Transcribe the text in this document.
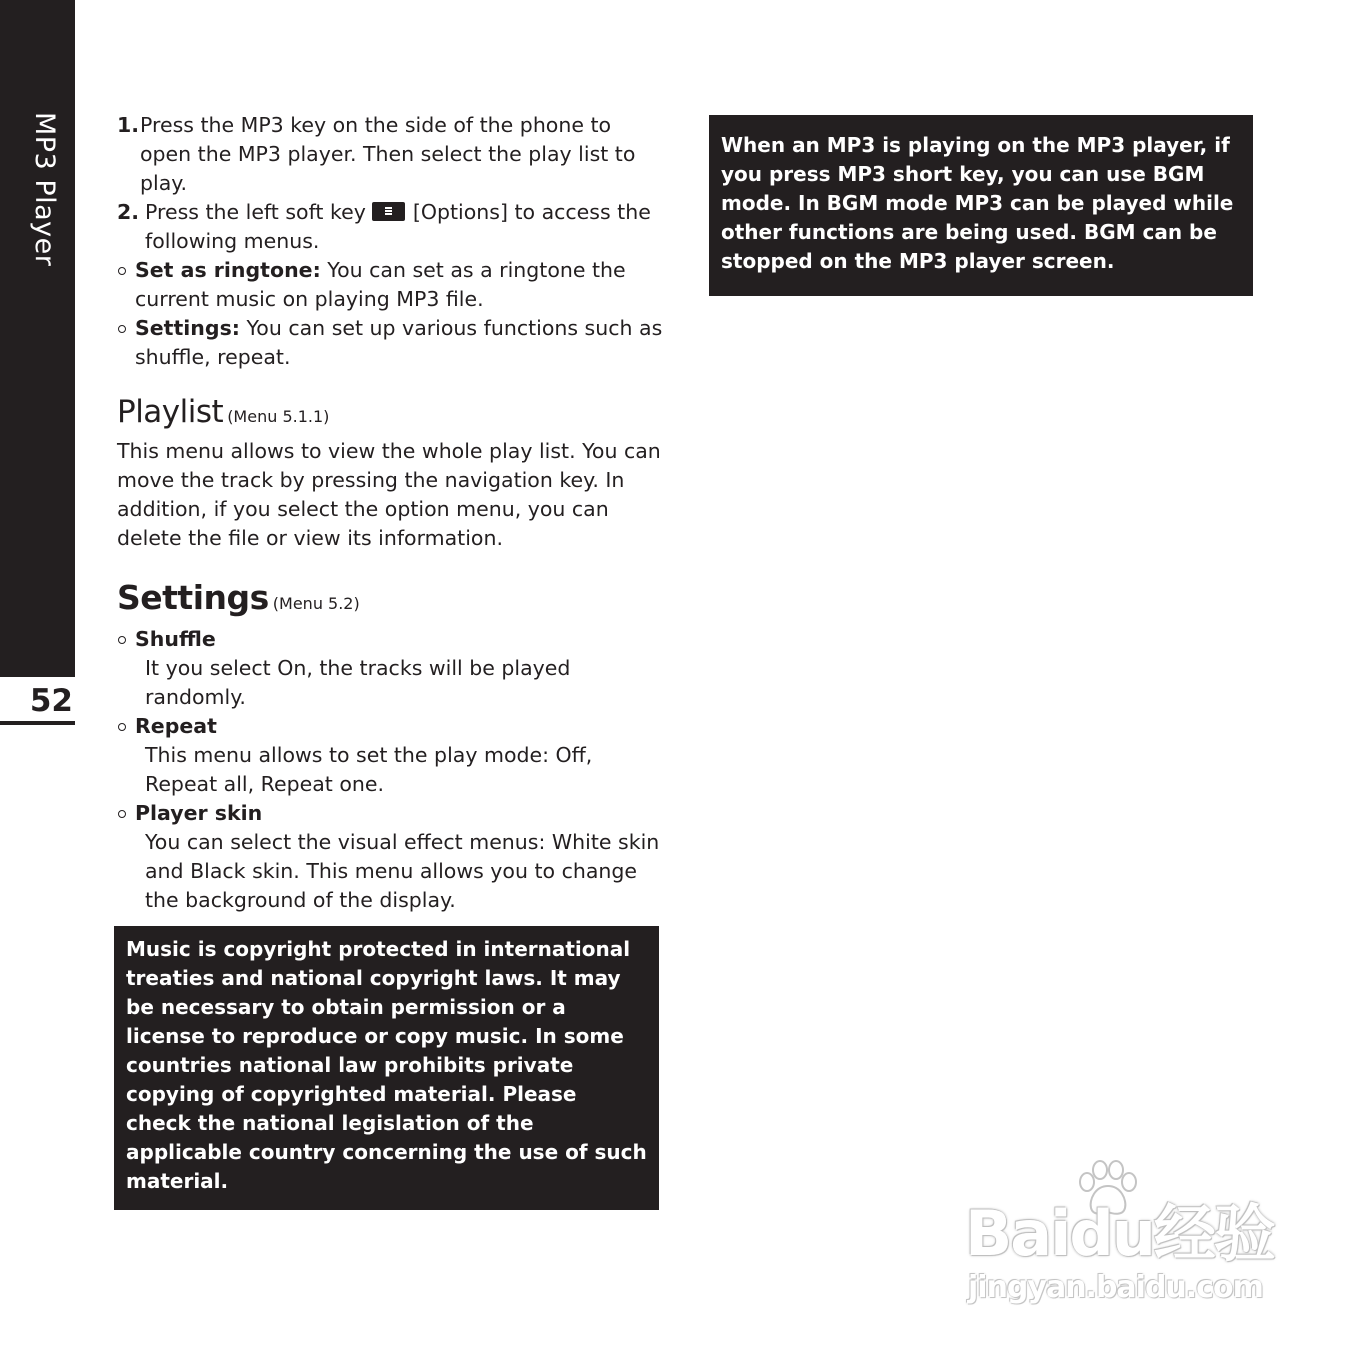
MP3 Player
52
1. Press the MP3 key on the side of the phone to open the MP3 player. Then select the play list to play.
2. Press the left soft key [Options] to access the following menus.
Set as ringtone: You can set as a ringtone the current music on playing MP3 file.
Settings: You can set up various functions such as shuffle, repeat.
Playlist (Menu 5.1.1)

This menu allows to view the whole play list. You can move the track by pressing the navigation key. In addition, if you select the option menu, you can delete the file or view its information.

Settings (Menu 5.2)
Shuffle
It you select On, the tracks will be played randomly.
Repeat
This menu allows to set the play mode: Off, Repeat all, Repeat one.
Player skin
You can select the visual effect menus: White skin and Black skin. This menu allows you to change the background of the display.

Music is copyright protected in international treaties and national copyright laws. It may be necessary to obtain permission or a license to reproduce or copy music. In some countries national law prohibits private copying of copyrighted material. Please check the national legislation of the applicable country concerning the use of such material.

When an MP3 is playing on the MP3 player, if you press MP3 short key, you can use BGM mode. In BGM mode MP3 can be played while other functions are being used. BGM can be stopped on the MP3 player screen.

Baidu经验
jingyan.baidu.com
